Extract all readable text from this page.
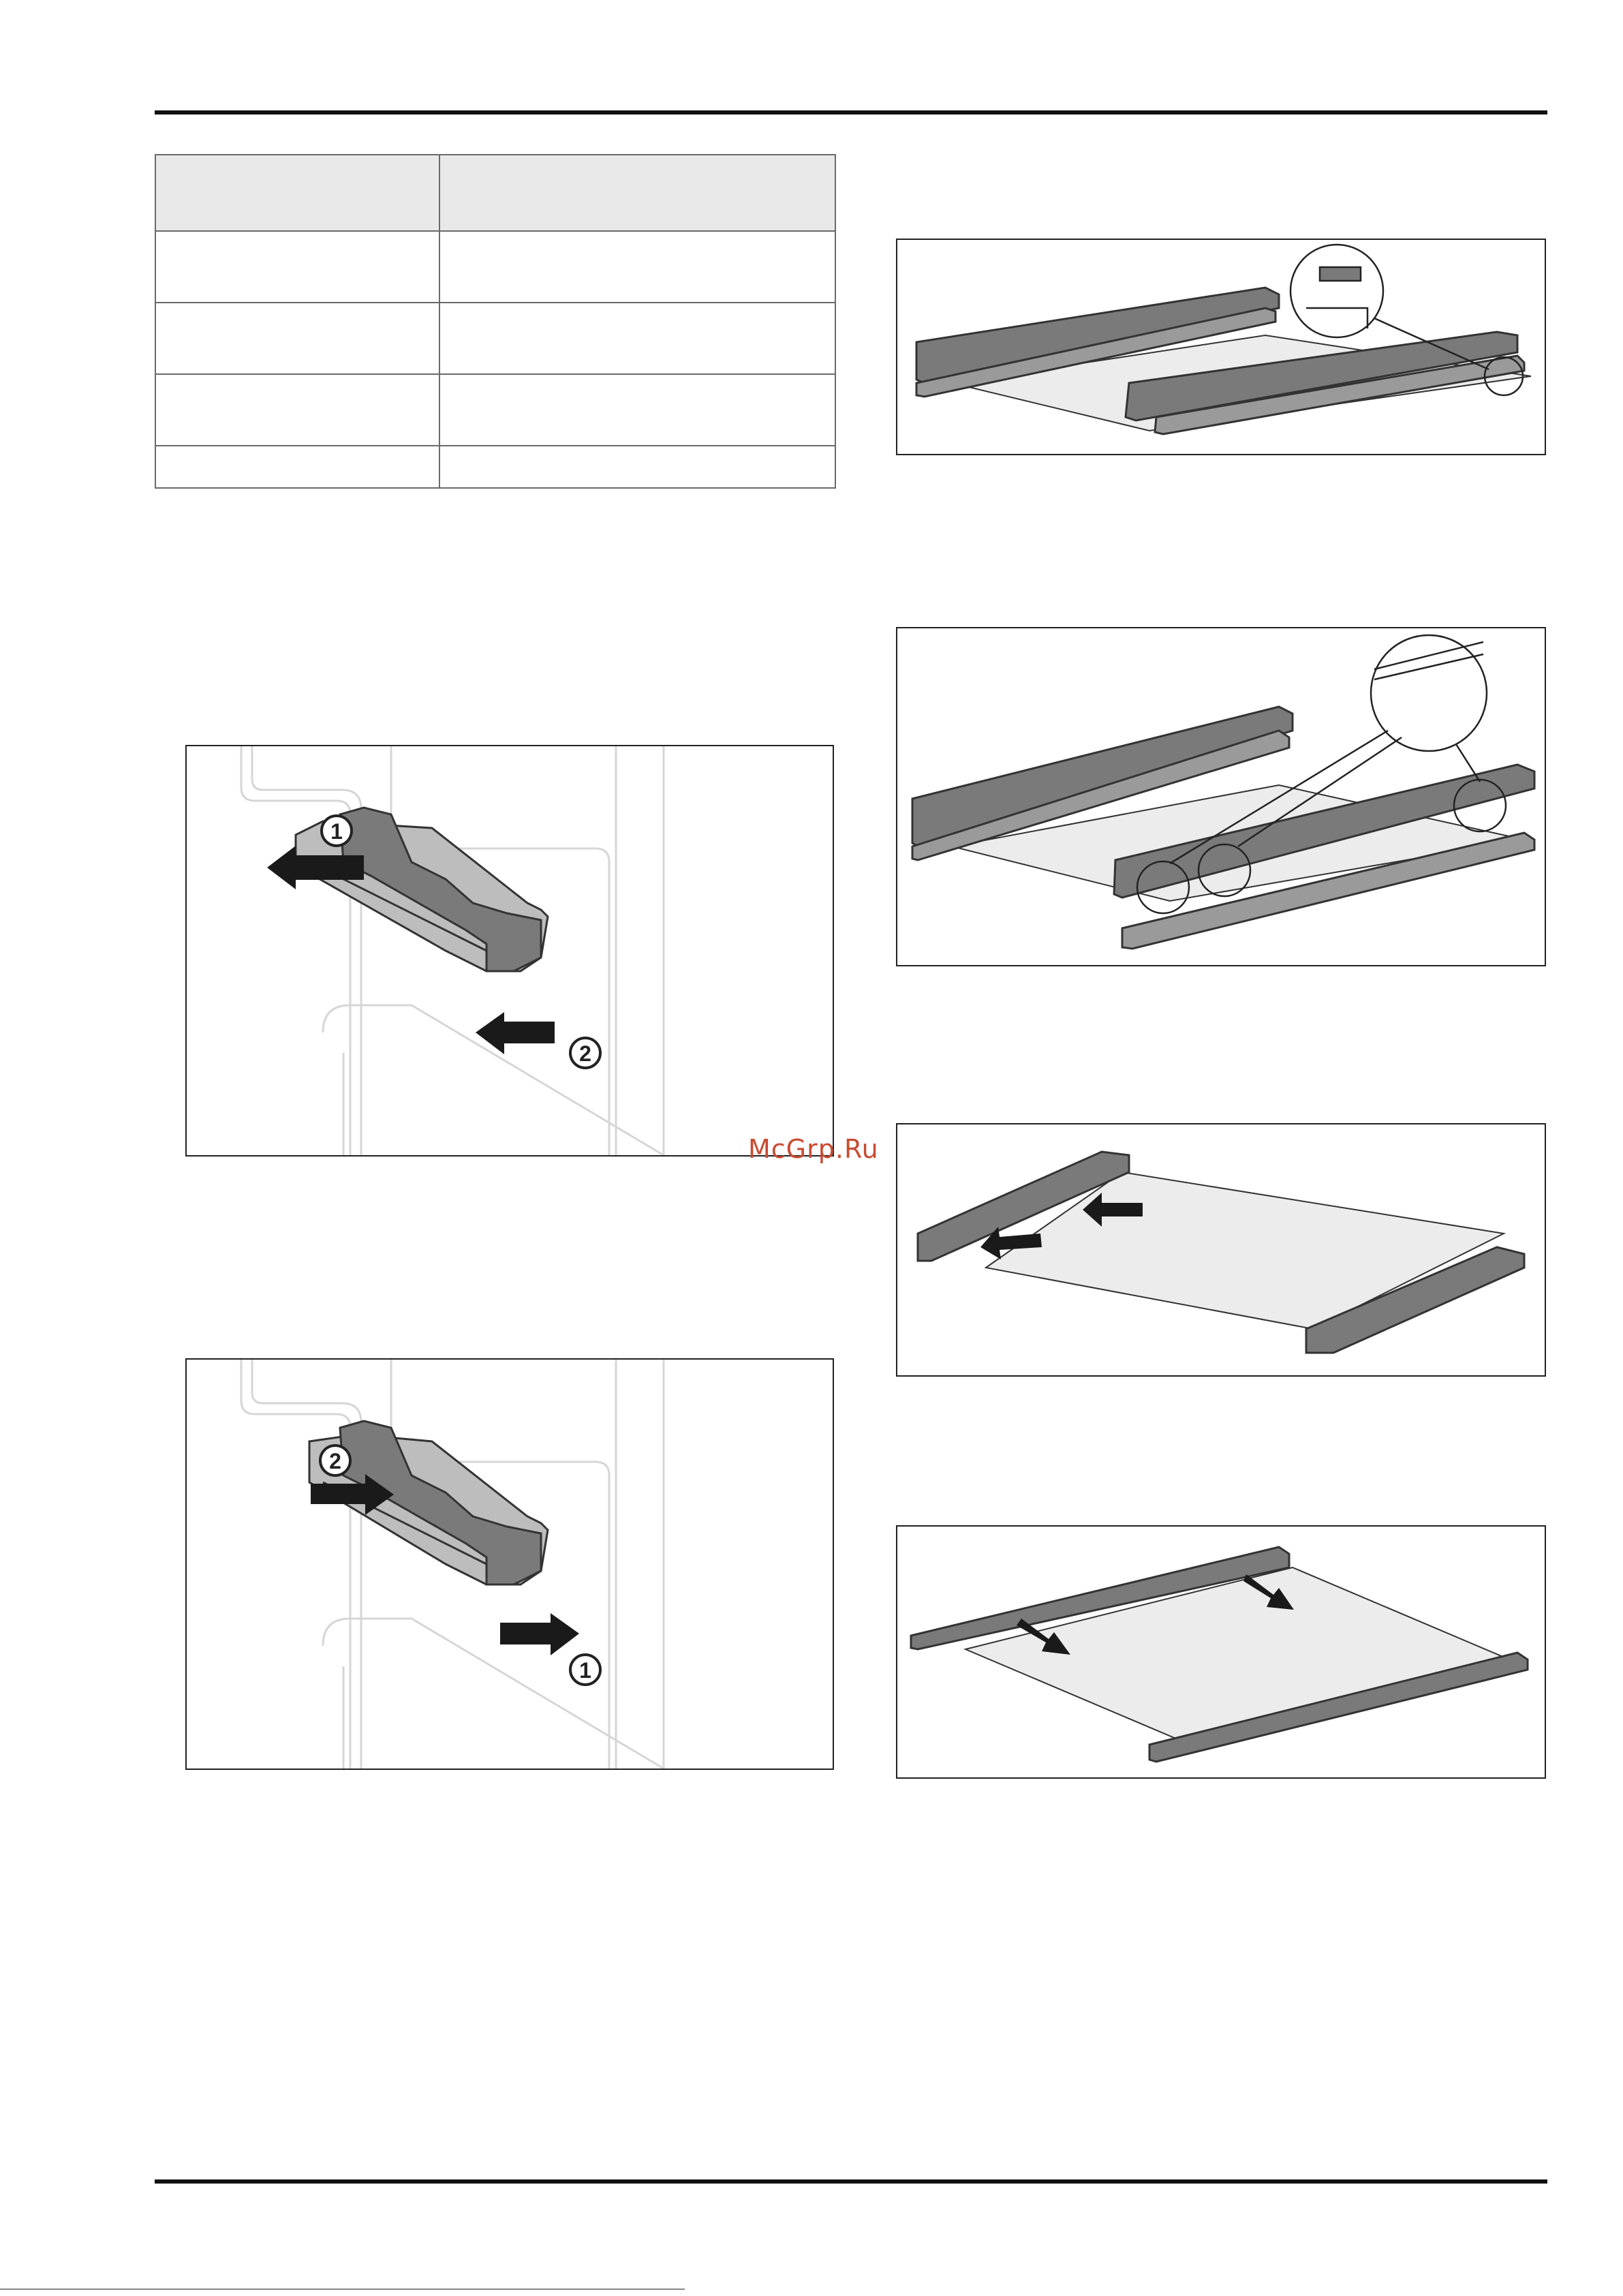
1
2
2
1
McGrp.Ru
